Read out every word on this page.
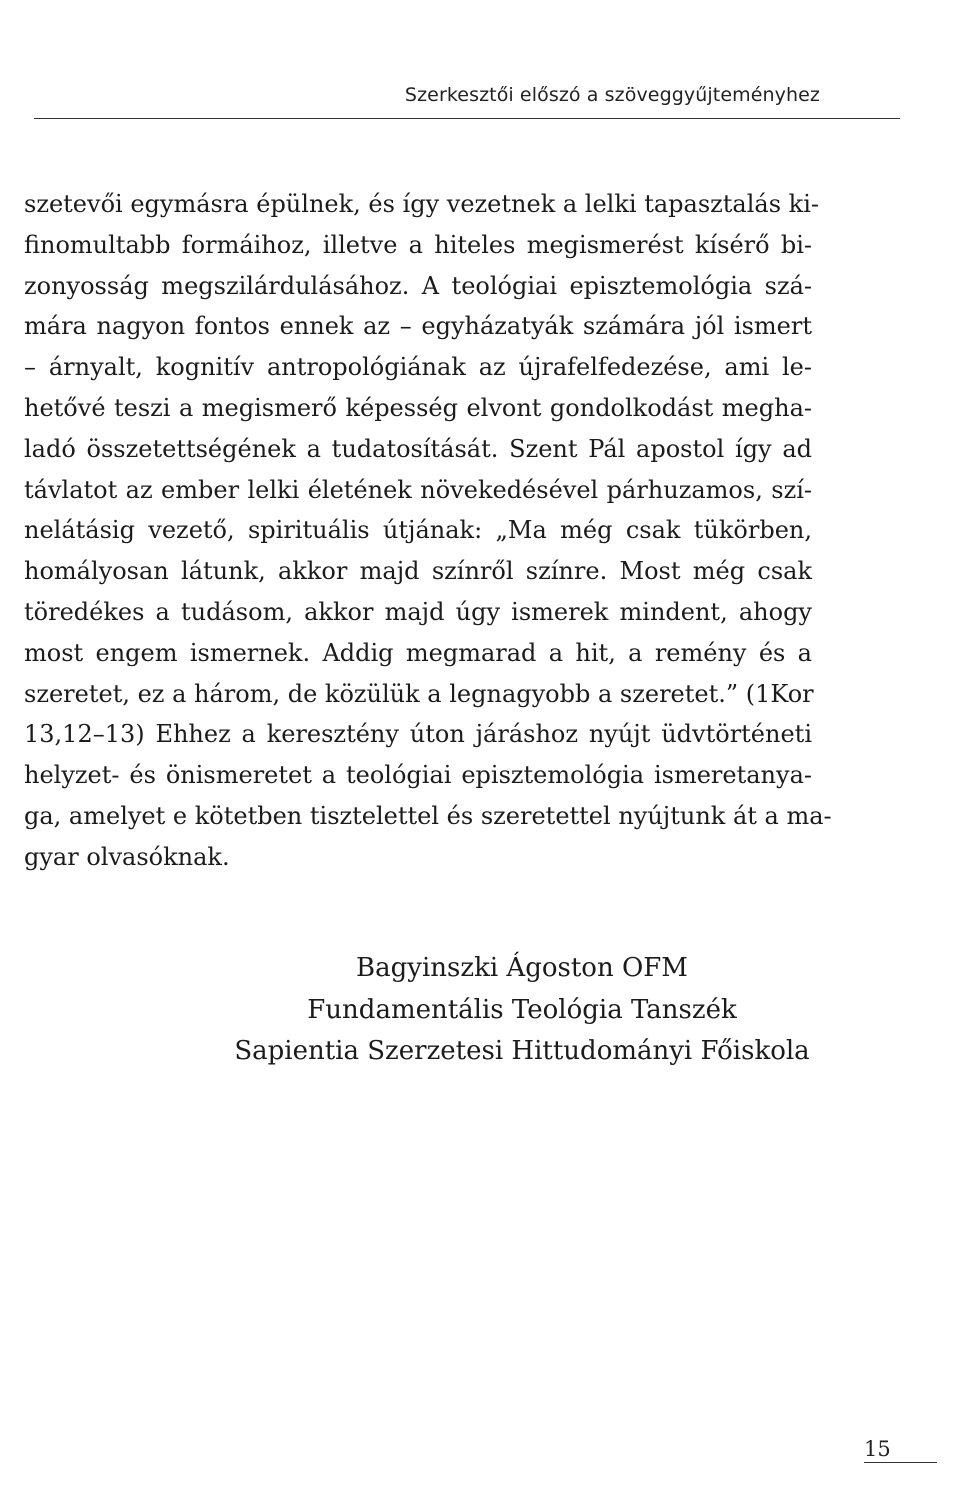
Szerkesztői előszó a szöveggyűjteményhez
szetevői egymásra épülnek, és így vezetnek a lelki tapasztalás ki-
finomultabb formáihoz, illetve a hiteles megismerést kísérő bi-
zonyosság megszilárdulásához. A teológiai episztemológia szá-
mára nagyon fontos ennek az – egyházatyák számára jól ismert
– árnyalt, kognitív antropológiának az újrafelfedezése, ami le-
hetővé teszi a megismerő képesség elvont gondolkodást megha-
ladó összetettségének a tudatosítását. Szent Pál apostol így ad
távlatot az ember lelki életének növekedésével párhuzamos, szí-
nelátásig vezető, spirituális útjának: „Ma még csak tükörben,
homályosan látunk, akkor majd színről színre. Most még csak
töredékes a tudásom, akkor majd úgy ismerek mindent, ahogy
most engem ismernek. Addig megmarad a hit, a remény és a
szeretet, ez a három, de közülük a legnagyobb a szeretet.” (1Kor
13,12–13) Ehhez a keresztény úton járáshoz nyújt üdvtörténeti
helyzet- és önismeretet a teológiai episztemológia ismeretanya-
ga, amelyet e kötetben tisztelettel és szeretettel nyújtunk át a ma-
gyar olvasóknak.
Bagyinszki Ágoston OFM
Fundamentális Teológia Tanszék
Sapientia Szerzetesi Hittudományi Főiskola
15
